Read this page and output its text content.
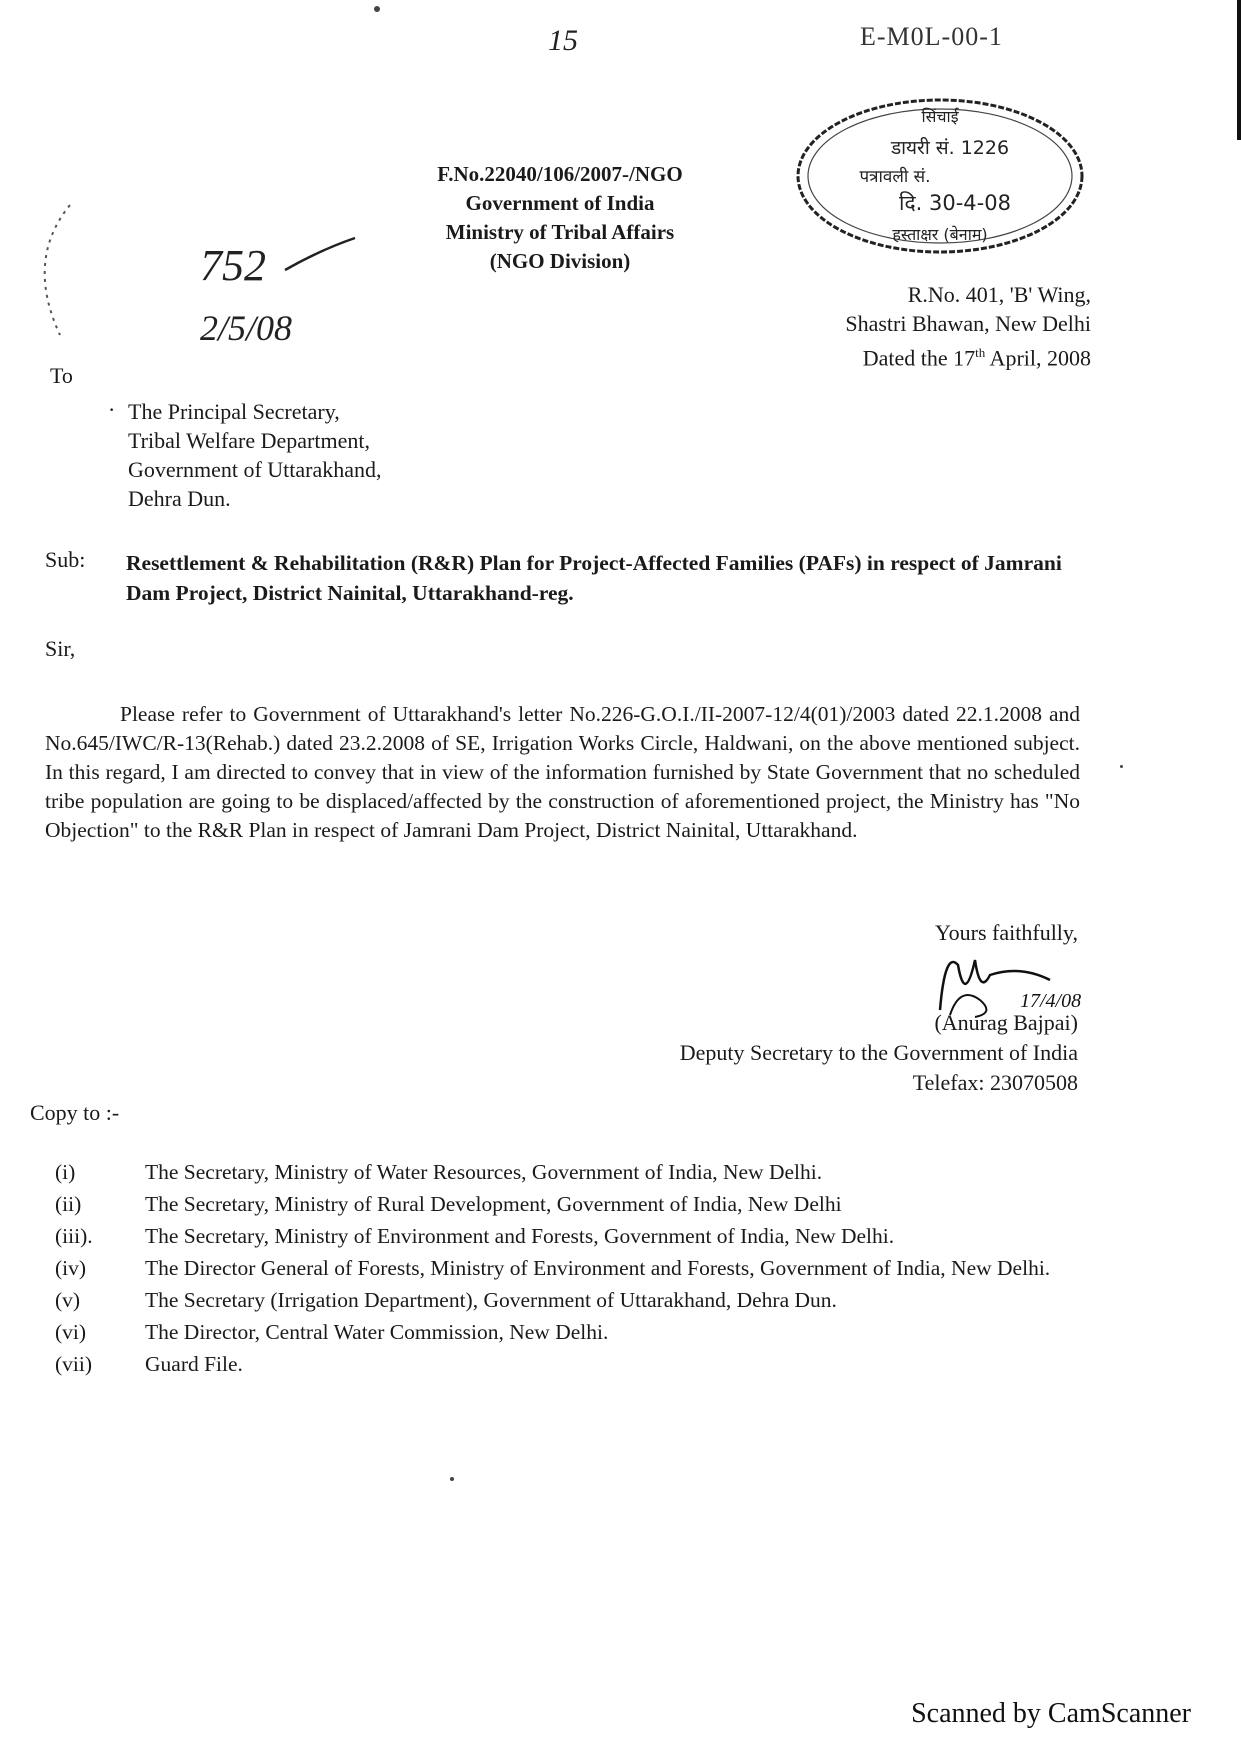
15	E-M0L-00-1
F.No.22040/106/2007-/NGO
Government of India
Ministry of Tribal Affairs
(NGO Division)
सिंचाई
डायरी सं. 1226
पत्रावली सं.
दि. 30-4-08
हस्ताक्षर (बेनाम)
752
2/5/08
R.No. 401, 'B' Wing,
Shastri Bhawan, New Delhi
Dated the 17th April, 2008
To
· The Principal Secretary,
Tribal Welfare Department,
Government of Uttarakhand,
Dehra Dun.
Sub: Resettlement & Rehabilitation (R&R) Plan for Project-Affected Families (PAFs) in respect of Jamrani Dam Project, District Nainital, Uttarakhand-reg.
Sir,
Please refer to Government of Uttarakhand's letter No.226-G.O.I./II-2007-12/4(01)/2003 dated 22.1.2008 and No.645/IWC/R-13(Rehab.) dated 23.2.2008 of SE, Irrigation Works Circle, Haldwani, on the above mentioned subject. In this regard, I am directed to convey that in view of the information furnished by State Government that no scheduled tribe population are going to be displaced/affected by the construction of aforementioned project, the Ministry has "No Objection" to the R&R Plan in respect of Jamrani Dam Project, District Nainital, Uttarakhand.
Yours faithfully,
17/4/08
(Anurag Bajpai)
Deputy Secretary to the Government of India
Telefax: 23070508
Copy to :-
(i)	The Secretary, Ministry of Water Resources, Government of India, New Delhi.
(ii)	The Secretary, Ministry of Rural Development, Government of India, New Delhi
(iii).	The Secretary, Ministry of Environment and Forests, Government of India, New Delhi.
(iv)	The Director General of Forests, Ministry of Environment and Forests, Government of India, New Delhi.
(v)	The Secretary (Irrigation Department), Government of Uttarakhand, Dehra Dun.
(vi)	The Director, Central Water Commission, New Delhi.
(vii)	Guard File.
Scanned by CamScanner
